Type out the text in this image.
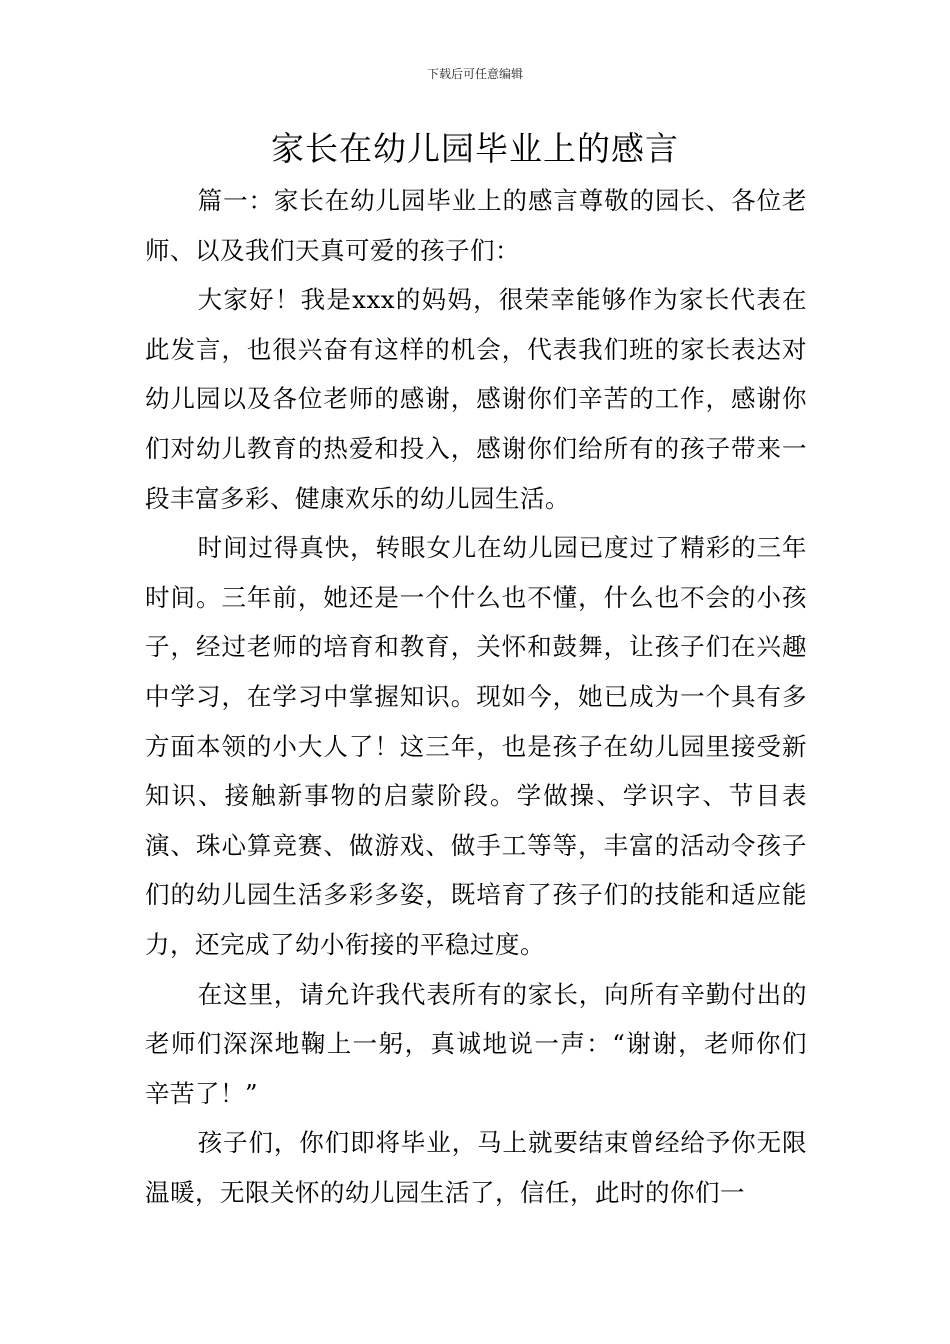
下载后可任意编辑
家长在幼儿园毕业上的感言

篇一：家长在幼儿园毕业上的感言尊敬的园长、各位老师、以及我们天真可爱的孩子们：

大家好！我是xxx的妈妈，很荣幸能够作为家长代表在此发言，也很兴奋有这样的机会，代表我们班的家长表达对幼儿园以及各位老师的感谢，感谢你们辛苦的工作，感谢你们对幼儿教育的热爱和投入，感谢你们给所有的孩子带来一段丰富多彩、健康欢乐的幼儿园生活。

时间过得真快，转眼女儿在幼儿园已度过了精彩的三年时间。三年前，她还是一个什么也不懂，什么也不会的小孩子，经过老师的培育和教育，关怀和鼓舞，让孩子们在兴趣中学习，在学习中掌握知识。现如今，她已成为一个具有多方面本领的小大人了！这三年，也是孩子在幼儿园里接受新知识、接触新事物的启蒙阶段。学做操、学识字、节目表演、珠心算竞赛、做游戏、做手工等等，丰富的活动令孩子们的幼儿园生活多彩多姿，既培育了孩子们的技能和适应能力，还完成了幼小衔接的平稳过度。

在这里，请允许我代表所有的家长，向所有辛勤付出的老师们深深地鞠上一躬，真诚地说一声：“谢谢，老师你们辛苦了！”

孩子们，你们即将毕业，马上就要结束曾经给予你无限温暖，无限关怀的幼儿园生活了，信任，此时的你们一
